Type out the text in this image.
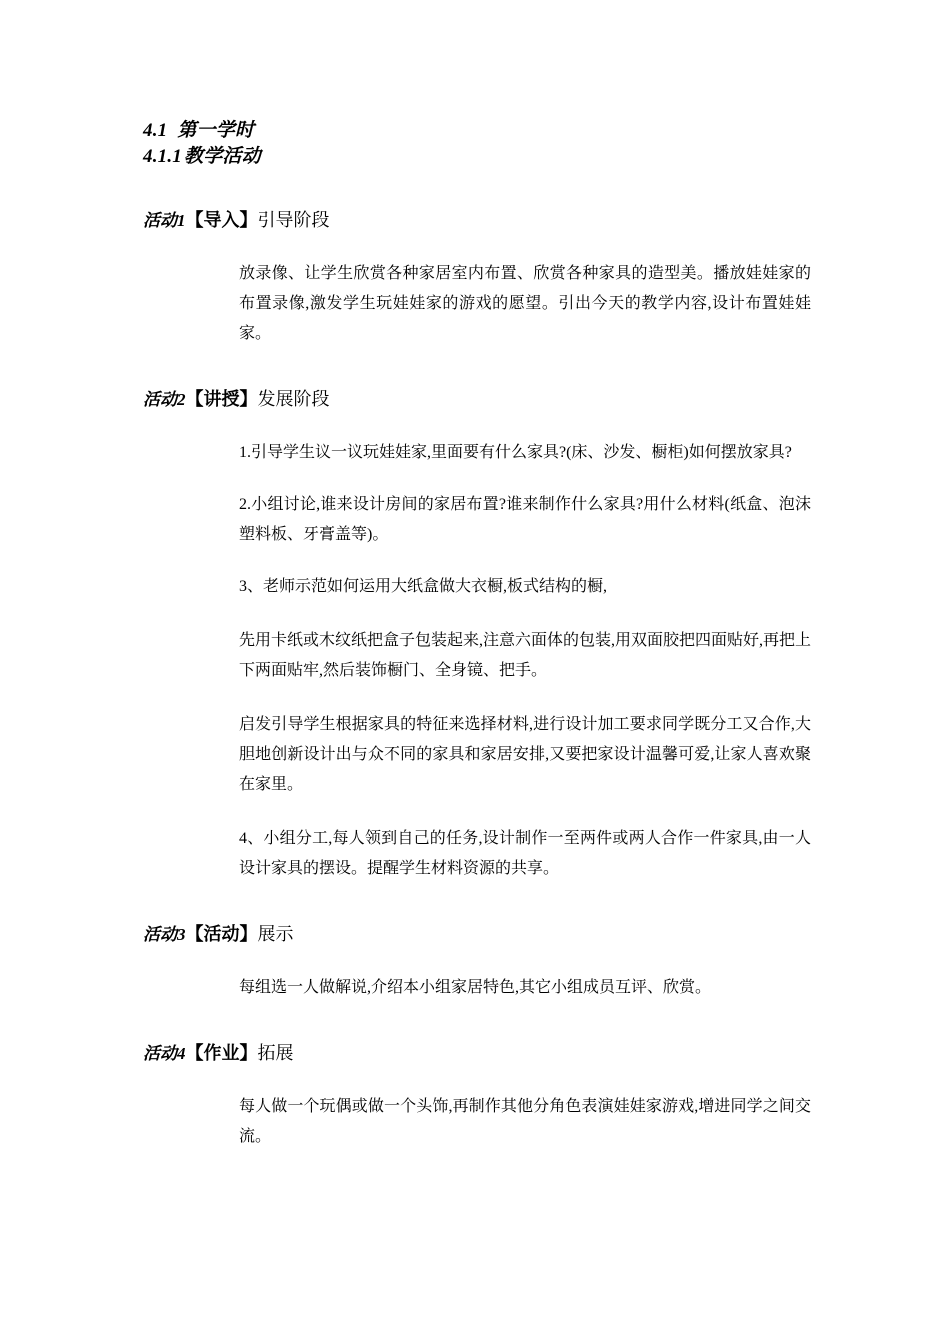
4.1 第一学时
4.1.1 教学活动
活动1【导入】引导阶段
放录像、让学生欣赏各种家居室内布置、欣赏各种家具的造型美。播放娃娃家的布置录像,激发学生玩娃娃家的游戏的愿望。引出今天的教学内容,设计布置娃娃家。
活动2【讲授】发展阶段
1.引导学生议一议玩娃娃家,里面要有什么家具?(床、沙发、橱柜)如何摆放家具?
2.小组讨论,谁来设计房间的家居布置?谁来制作什么家具?用什么材料(纸盒、泡沫塑料板、牙膏盖等)。
3、老师示范如何运用大纸盒做大衣橱,板式结构的橱,
先用卡纸或木纹纸把盒子包装起来,注意六面体的包装,用双面胶把四面贴好,再把上下两面贴牢,然后装饰橱门、全身镜、把手。
启发引导学生根据家具的特征来选择材料,进行设计加工要求同学既分工又合作,大胆地创新设计出与众不同的家具和家居安排,又要把家设计温馨可爱,让家人喜欢聚在家里。
4、小组分工,每人领到自己的任务,设计制作一至两件或两人合作一件家具,由一人设计家具的摆设。提醒学生材料资源的共享。
活动3【活动】展示
每组选一人做解说,介绍本小组家居特色,其它小组成员互评、欣赏。
活动4【作业】拓展
每人做一个玩偶或做一个头饰,再制作其他分角色表演娃娃家游戏,增进同学之间交流。
